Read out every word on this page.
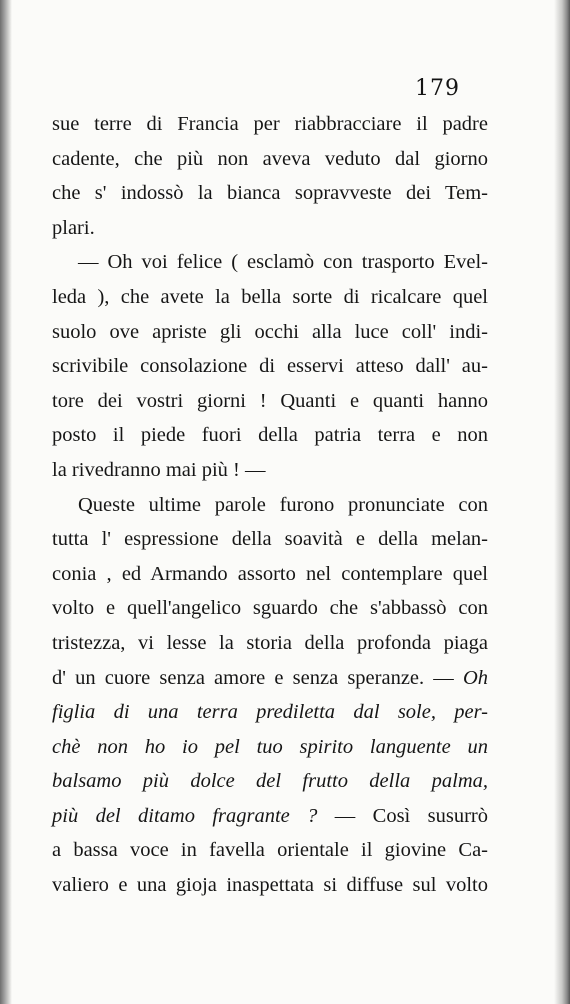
179
sue terre di Francia per riabbracciare il padre
cadente, che più non aveva veduto dal giorno
che s' indossò la bianca sopravveste dei Tem-
plari.
— Oh voi felice ( esclamò con trasporto Evel-
leda ), che avete la bella sorte di ricalcare quel
suolo ove apriste gli occhi alla luce coll' indi-
scrivibile consolazione di esservi atteso dall' au-
tore dei vostri giorni ! Quanti e quanti hanno
posto il piede fuori della patria terra e non
la rivedranno mai più ! —
Queste ultime parole furono pronunciate con
tutta l' espressione della soavità e della melan-
conia , ed Armando assorto nel contemplare quel
volto e quell'angelico sguardo che s'abbassò con
tristezza, vi lesse la storia della profonda piaga
d' un cuore senza amore e senza speranze. — Oh
figlia di una terra prediletta dal sole, per-
chè non ho io pel tuo spirito languente un
balsamo più dolce del frutto della palma,
più del ditamo fragrante ? — Così susurrò
a bassa voce in favella orientale il giovine Ca-
valiero e una gioja inaspettata si diffuse sul volto
